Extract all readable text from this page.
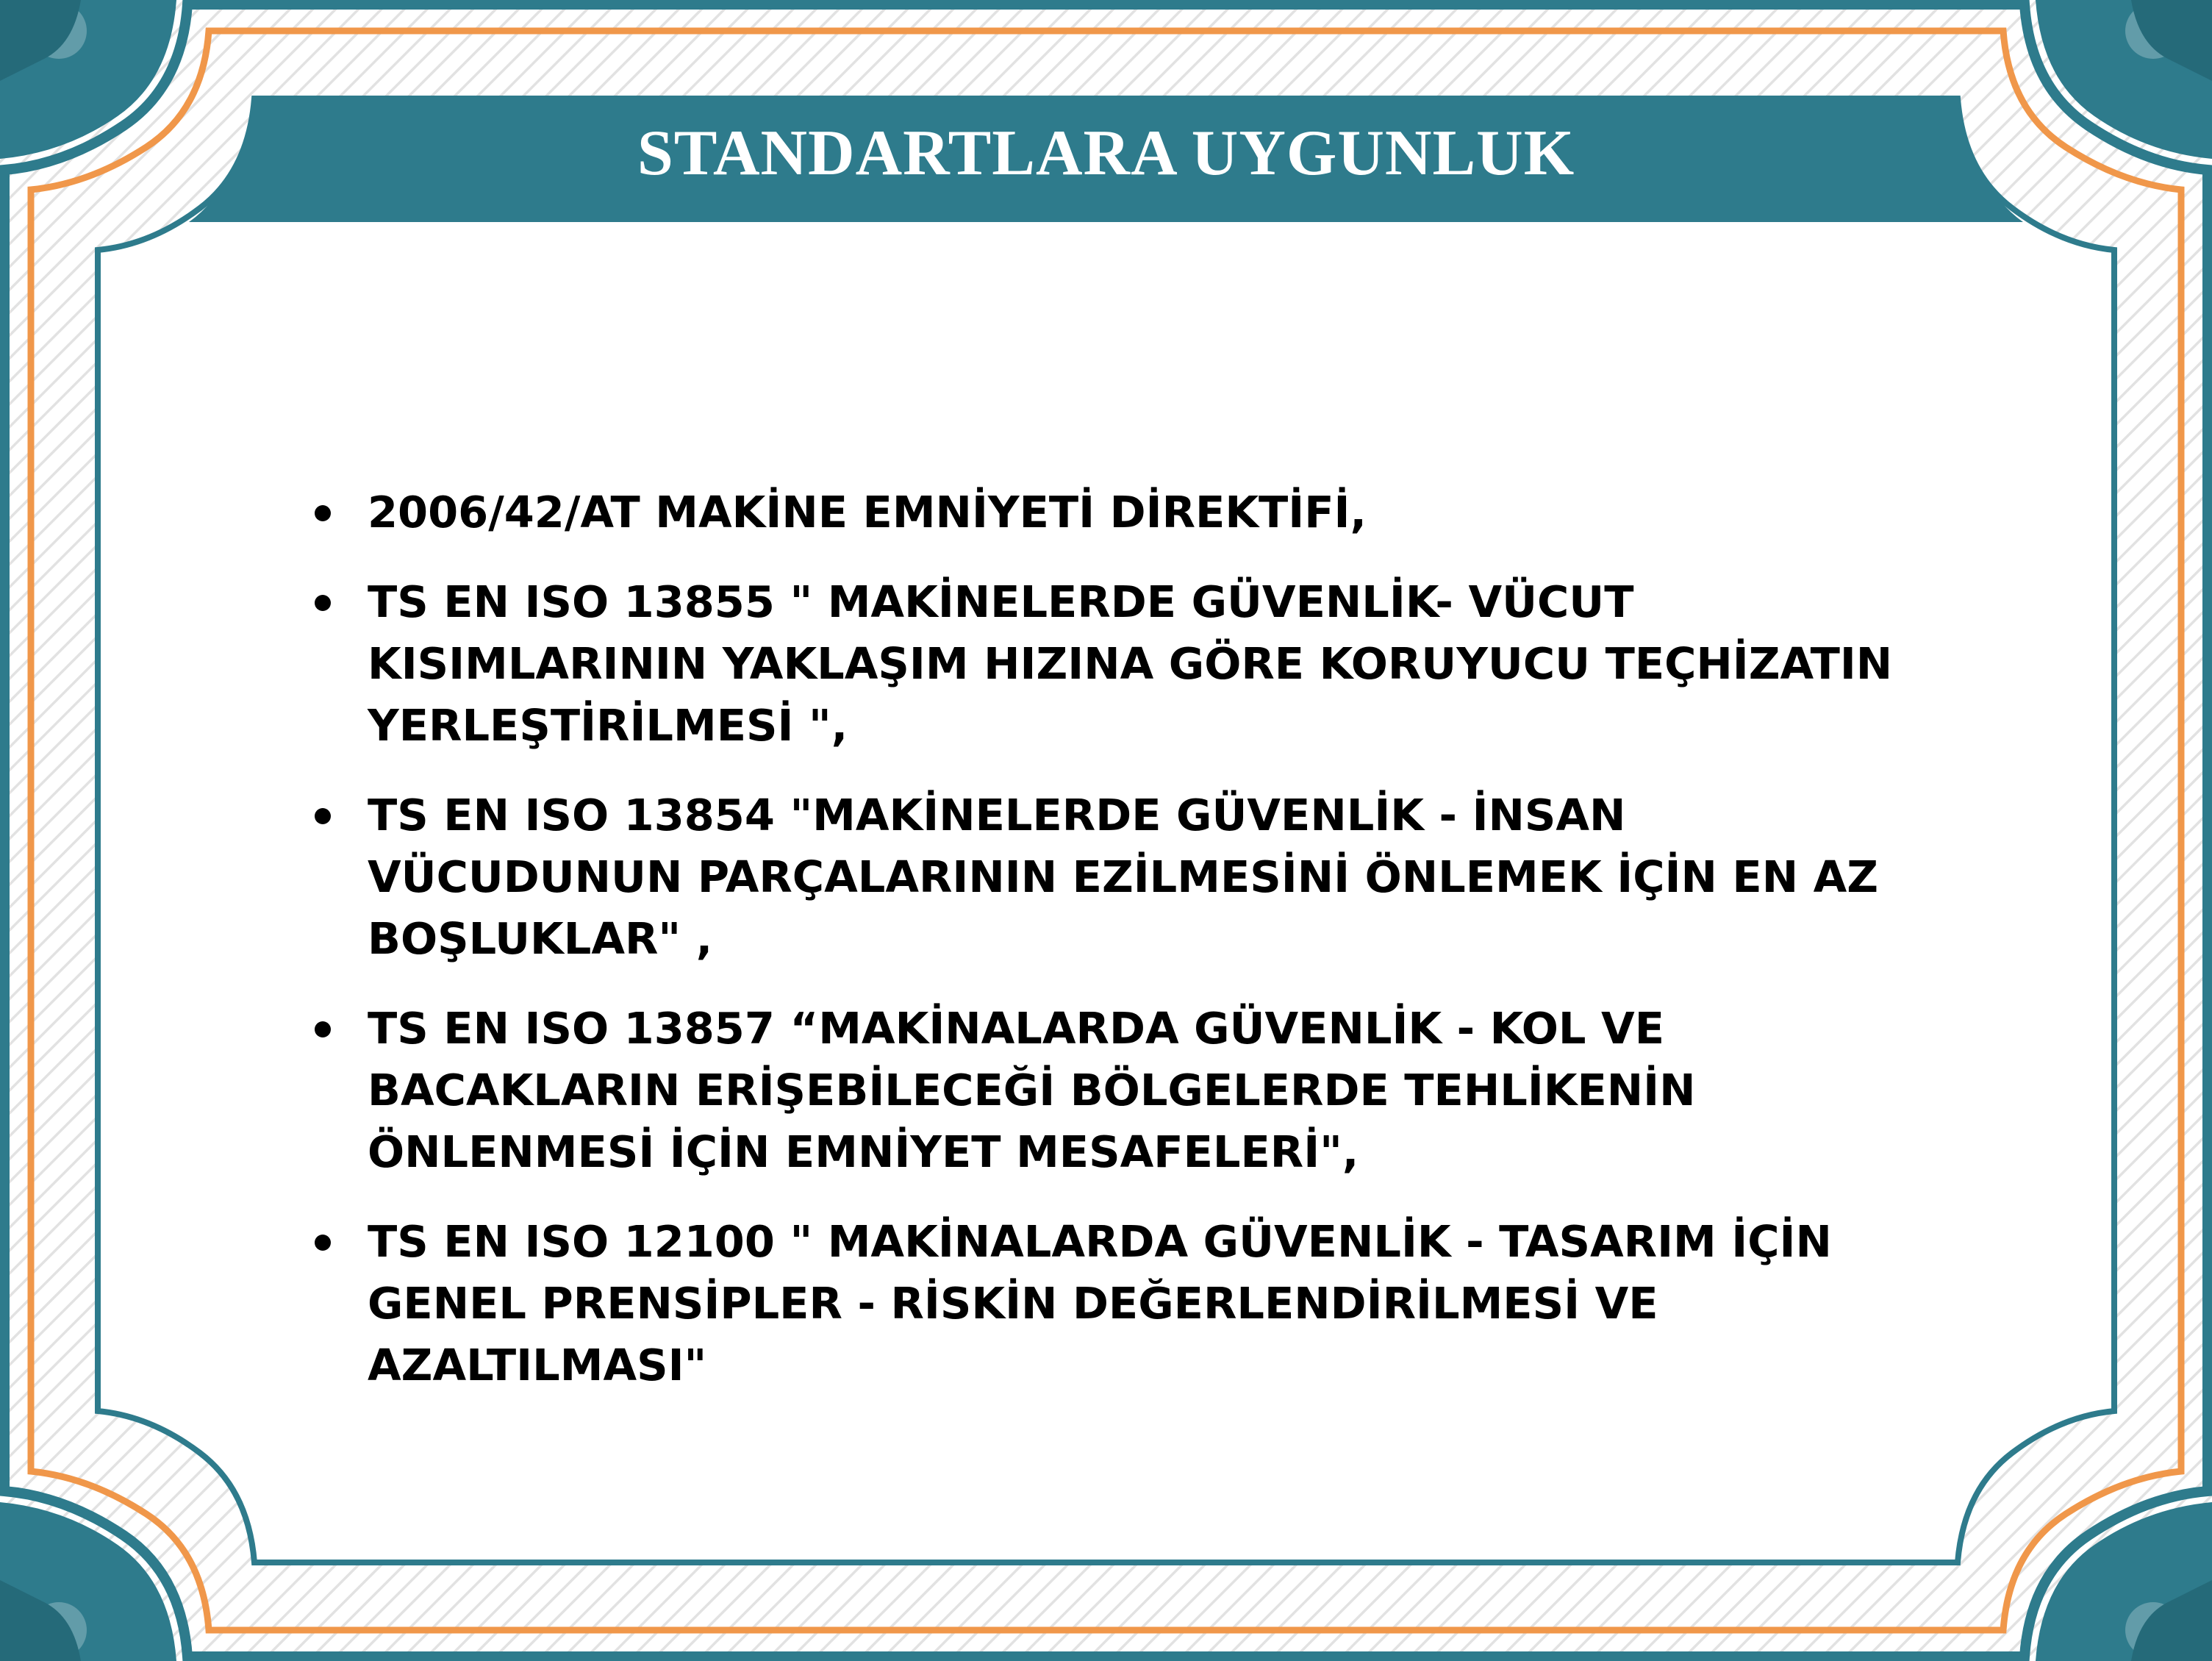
STANDARTLARA UYGUNLUK
2006/42/AT MAKİNE EMNİYETİ DİREKTİFİ,
TS EN ISO 13855 " MAKİNELERDE GÜVENLİK- VÜCUT KISIMLARININ YAKLAŞIM HIZINA GÖRE KORUYUCU TEÇHİZATIN YERLEŞTİRİLMESİ ",
TS EN ISO 13854 "MAKİNELERDE GÜVENLİK - İNSAN VÜCUDUNUN PARÇALARININ EZİLMESİNİ ÖNLEMEK İÇİN EN AZ BOŞLUKLAR" ,
TS EN ISO 13857 “MAKİNALARDA GÜVENLİK - KOL VE BACAKLARIN ERİŞEBİLECEĞİ BÖLGELERDE TEHLİKENİN ÖNLENMESİ İÇİN EMNİYET MESAFELERİ",
TS EN ISO 12100 " MAKİNALARDA GÜVENLİK - TASARIM İÇİN GENEL PRENSİPLER - RİSKİN DEĞERLENDİRİLMESİ VE AZALTILMASI"
